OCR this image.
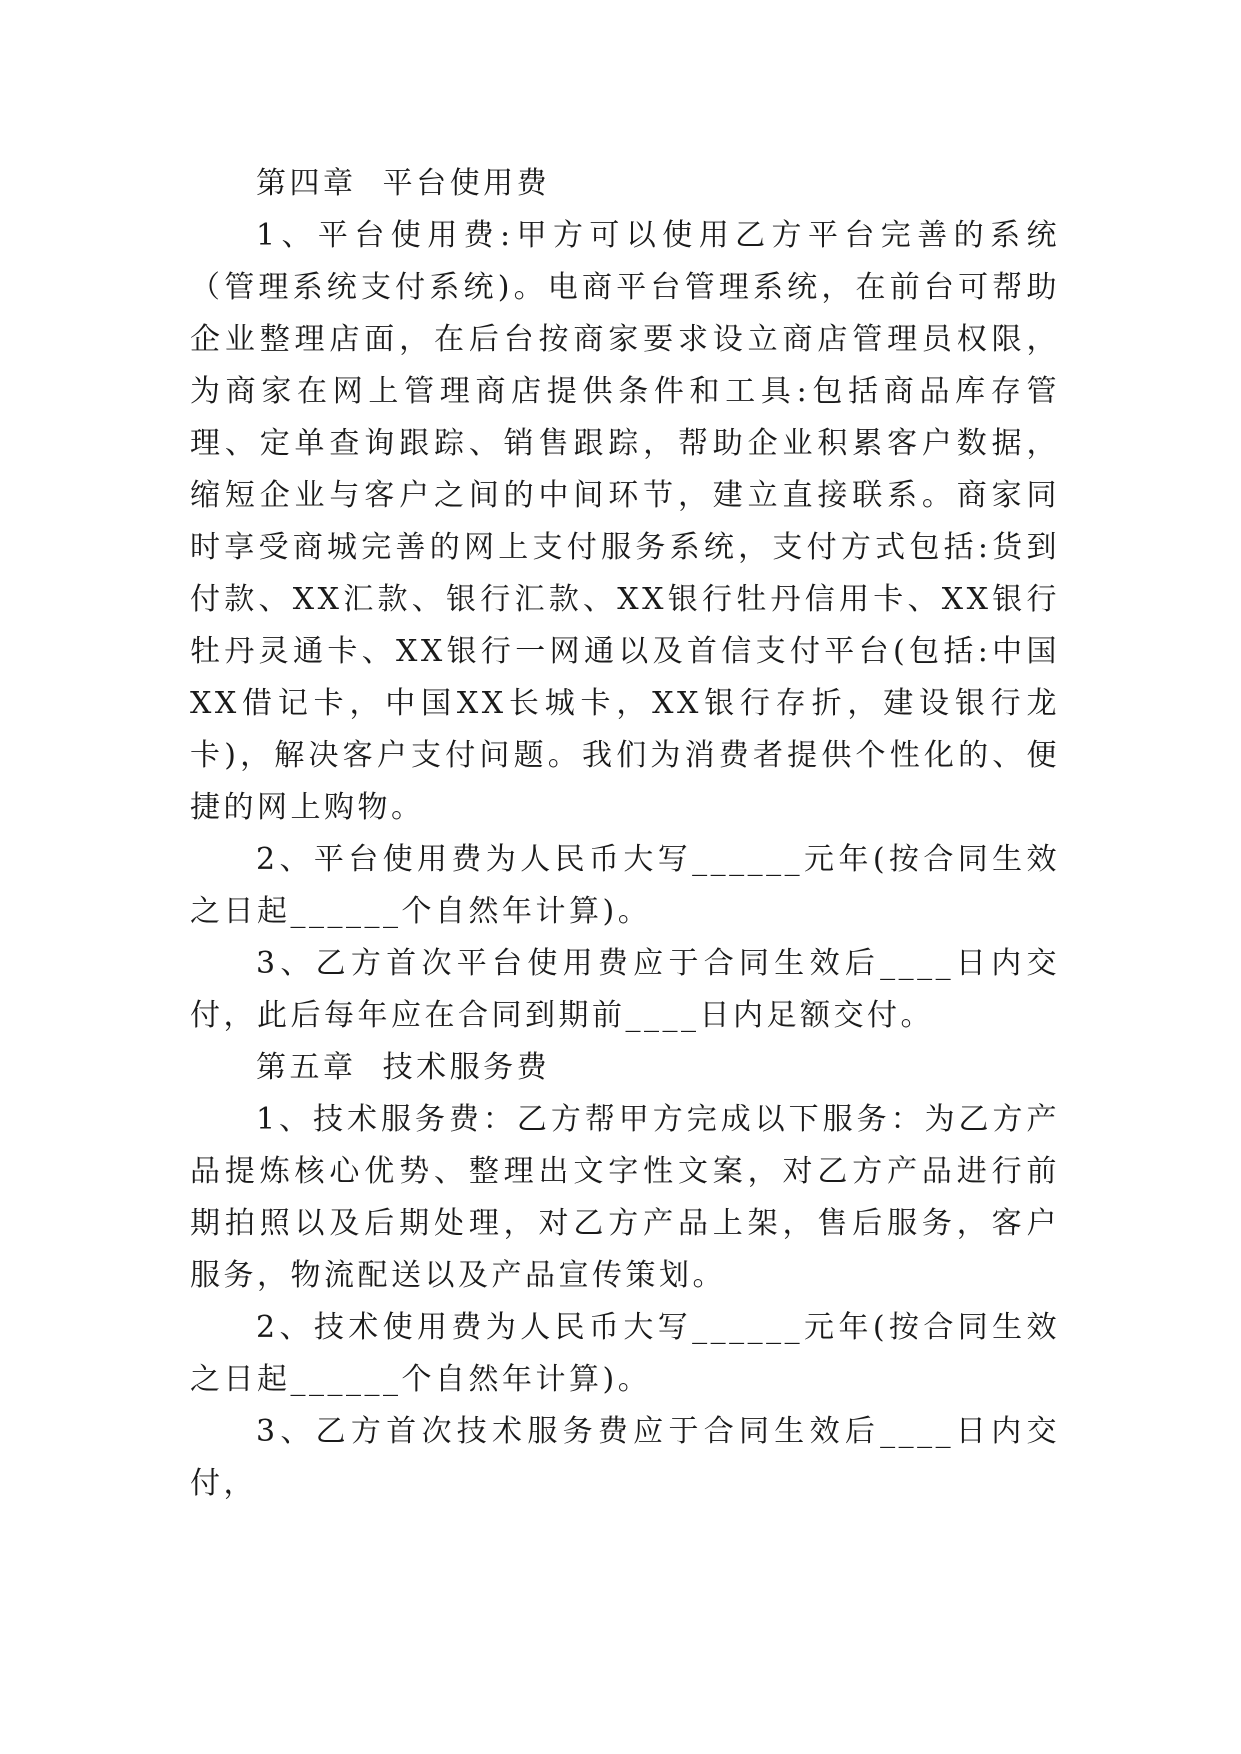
第四章  平台使用费

1、平台使用费:甲方可以使用乙方平台完善的系统（管理系统支付系统)。电商平台管理系统，在前台可帮助企业整理店面，在后台按商家要求设立商店管理员权限，为商家在网上管理商店提供条件和工具:包括商品库存管理、定单查询跟踪、销售跟踪，帮助企业积累客户数据，缩短企业与客户之间的中间环节，建立直接联系。商家同时享受商城完善的网上支付服务系统，支付方式包括:货到付款、XX汇款、银行汇款、XX银行牡丹信用卡、XX银行牡丹灵通卡、XX银行一网通以及首信支付平台(包括:中国XX借记卡，中国XX长城卡，XX银行存折，建设银行龙卡)，解决客户支付问题。我们为消费者提供个性化的、便捷的网上购物。

2、平台使用费为人民币大写______元年(按合同生效之日起______个自然年计算)。

3、乙方首次平台使用费应于合同生效后____日内交付，此后每年应在合同到期前____日内足额交付。

第五章  技术服务费

1、技术服务费：乙方帮甲方完成以下服务：为乙方产品提炼核心优势、整理出文字性文案，对乙方产品进行前期拍照以及后期处理，对乙方产品上架，售后服务，客户服务，物流配送以及产品宣传策划。

2、技术使用费为人民币大写______元年(按合同生效之日起______个自然年计算)。

3、乙方首次技术服务费应于合同生效后____日内交付，
